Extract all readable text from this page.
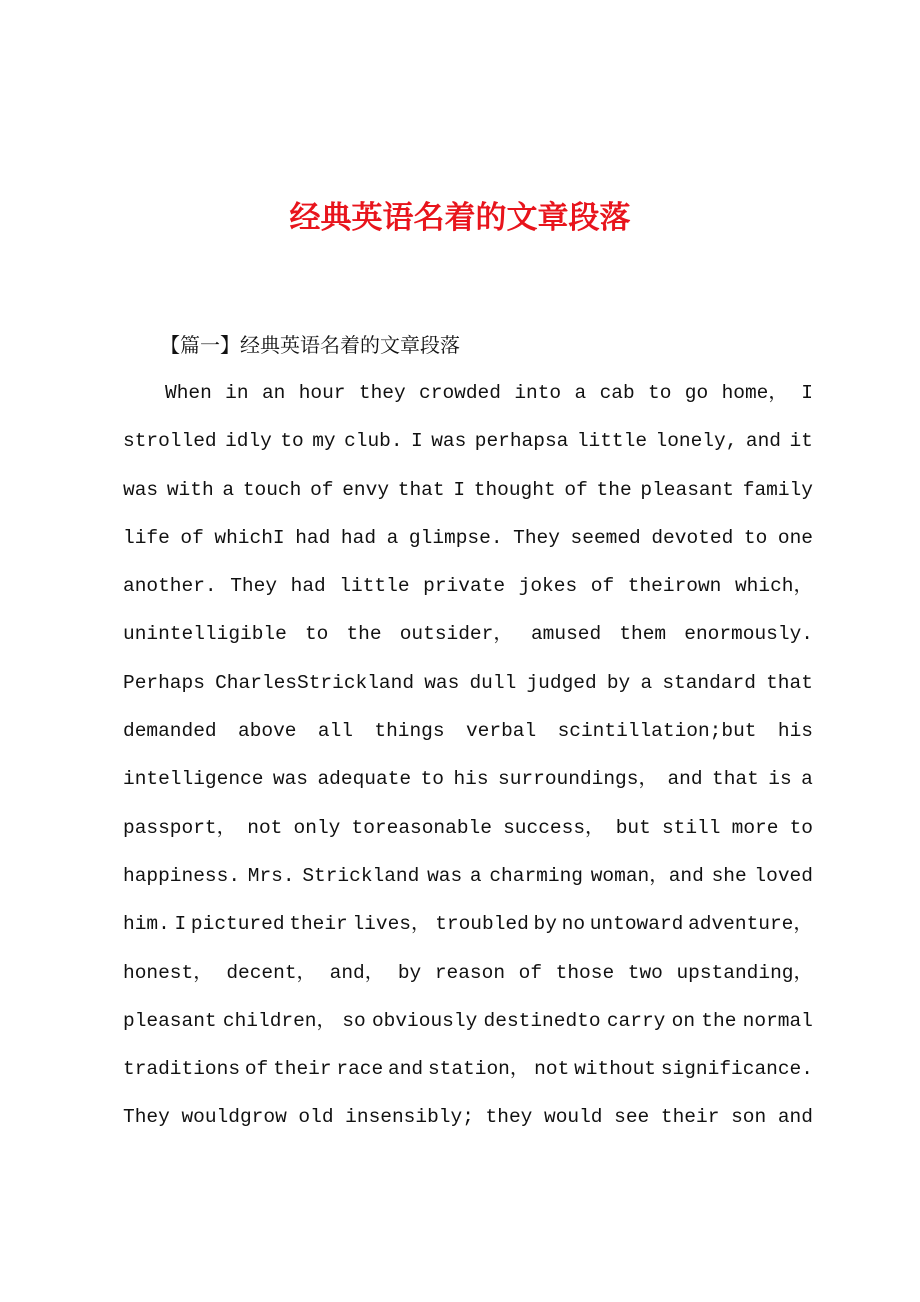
经典英语名着的文章段落
【篇一】经典英语名着的文章段落
When in an hour they crowded into a cab to go home， I
strolled idly to my club. I was perhapsa little lonely, and it
was with a touch of envy that I thought of the pleasant family
life of whichI had had a glimpse. They seemed devoted to one
another. They had little private jokes of theirown which，
unintelligible to the outsider， amused them enormously.
Perhaps CharlesStrickland was dull judged by a standard that
demanded above all things verbal scintillation;but his
intelligence was adequate to his surroundings， and that is a
passport， not only toreasonable success， but still more to
happiness. Mrs. Strickland was a charming woman，and she loved
him. I pictured their lives， troubled by no untoward adventure，
honest， decent， and， by reason of those two upstanding，
pleasant children， so obviously destinedto carry on the normal
traditions of their race and station， not without significance.
They wouldgrow old insensibly; they would see their son and
